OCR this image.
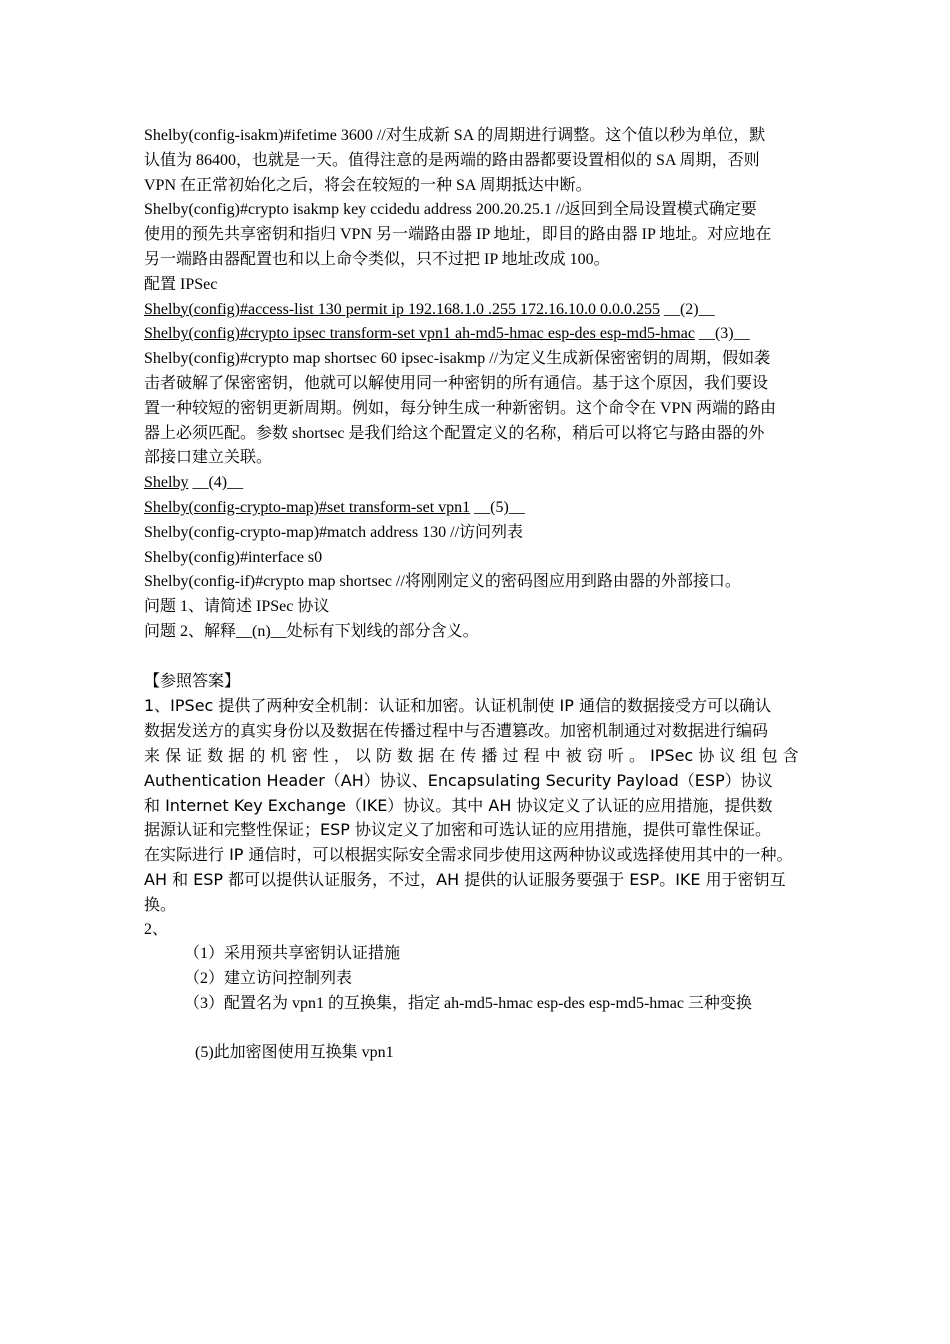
Shelby(config-isakm)#ifetime 3600 //对生成新 SA 的周期进行调整。这个值以秒为单位，默
认值为 86400，也就是一天。值得注意的是两端的路由器都要设置相似的 SA 周期，否则
VPN 在正常初始化之后，将会在较短的一种 SA 周期抵达中断。
Shelby(config)#crypto isakmp key ccidedu address 200.20.25.1 //返回到全局设置模式确定要
使用的预先共享密钥和指归 VPN 另一端路由器 IP 地址，即目的路由器 IP 地址。对应地在
另一端路由器配置也和以上命令类似，只不过把 IP 地址改成 100。
配置 IPSec
Shelby(config)#access-list 130 permit ip 192.168.1.0 .255 172.16.10.0 0.0.0.255 __(2)__
Shelby(config)#crypto ipsec transform-set vpn1 ah-md5-hmac esp-des esp-md5-hmac __(3)__
Shelby(config)#crypto map shortsec 60 ipsec-isakmp //为定义生成新保密密钥的周期，假如袭
击者破解了保密密钥，他就可以解使用同一种密钥的所有通信。基于这个原因，我们要设
置一种较短的密钥更新周期。例如，每分钟生成一种新密钥。这个命令在 VPN 两端的路由
器上必须匹配。参数 shortsec 是我们给这个配置定义的名称，稍后可以将它与路由器的外
部接口建立关联。
Shelby __(4)__
Shelby(config-crypto-map)#set transform-set vpn1 __(5)__
Shelby(config-crypto-map)#match address 130 //访问列表
Shelby(config)#interface s0
Shelby(config-if)#crypto map shortsec //将刚刚定义的密码图应用到路由器的外部接口。
问题 1、请简述 IPSec 协议
问题 2、解释__(n)__处标有下划线的部分含义。
【参照答案】
1、IPSec 提供了两种安全机制：认证和加密。认证机制使 IP 通信的数据接受方可以确认
数据发送方的真实身份以及数据在传播过程中与否遭篡改。加密机制通过对数据进行编码
来 保 证 数 据 的 机 密 性 ， 以 防 数 据 在 传 播 过 程 中 被 窃 听 。 IPSec 协 议 组 包 含
Authentication Header（AH）协议、Encapsulating Security Payload（ESP）协议
和 Internet Key Exchange（IKE）协议。其中 AH 协议定义了认证的应用措施，提供数
据源认证和完整性保证；ESP 协议定义了加密和可选认证的应用措施，提供可靠性保证。
在实际进行 IP 通信时，可以根据实际安全需求同步使用这两种协议或选择使用其中的一种。
AH 和 ESP 都可以提供认证服务，不过，AH 提供的认证服务要强于 ESP。IKE 用于密钥互
换。
2、
（1）采用预共享密钥认证措施
（2）建立访问控制列表
（3）配置名为 vpn1 的互换集，指定 ah-md5-hmac esp-des esp-md5-hmac 三种变换
(5)此加密图使用互换集 vpn1
